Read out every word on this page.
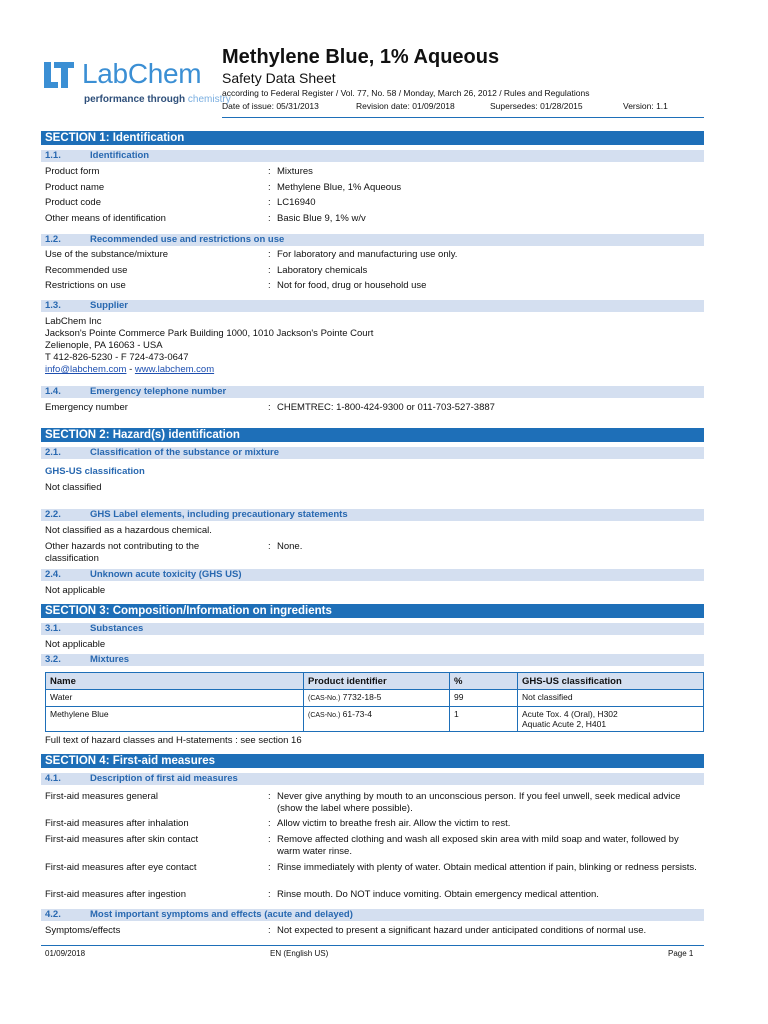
LabChem
performance through chemistry
Methylene Blue, 1% Aqueous
Safety Data Sheet
according to Federal Register / Vol. 77, No. 58 / Monday, March 26, 2012 / Rules and Regulations
Date of issue: 05/31/2013	Revision date: 01/09/2018	Supersedes: 01/28/2015	Version: 1.1
SECTION 1: Identification
1.1.	Identification
Product form	: Mixtures
Product name	: Methylene Blue, 1% Aqueous
Product code	: LC16940
Other means of identification	: Basic Blue 9, 1% w/v
1.2.	Recommended use and restrictions on use
Use of the substance/mixture	: For laboratory and manufacturing use only.
Recommended use	: Laboratory chemicals
Restrictions on use	: Not for food, drug or household use
1.3.	Supplier
LabChem Inc
Jackson's Pointe Commerce Park Building 1000, 1010 Jackson's Pointe Court
Zelienople, PA 16063 - USA
T 412-826-5230 - F 724-473-0647
info@labchem.com - www.labchem.com
1.4.	Emergency telephone number
Emergency number	: CHEMTREC: 1-800-424-9300 or 011-703-527-3887
SECTION 2: Hazard(s) identification
2.1.	Classification of the substance or mixture
GHS-US classification
Not classified
2.2.	GHS Label elements, including precautionary statements
Not classified as a hazardous chemical.
Other hazards not contributing to the classification
: None.
2.4.	Unknown acute toxicity (GHS US)
Not applicable
SECTION 3: Composition/Information on ingredients
3.1.	Substances
Not applicable
3.2.	Mixtures
Name	Product identifier	%	GHS-US classification
Water	(CAS-No.) 7732-18-5	99	Not classified
Methylene Blue	(CAS-No.) 61-73-4	1	Acute Tox. 4 (Oral), H302
Aquatic Acute 2, H401
Full text of hazard classes and H-statements : see section 16
SECTION 4: First-aid measures
4.1.	Description of first aid measures
First-aid measures general	: Never give anything by mouth to an unconscious person. If you feel unwell, seek medical advice (show the label where possible).
First-aid measures after inhalation	: Allow victim to breathe fresh air. Allow the victim to rest.
First-aid measures after skin contact	: Remove affected clothing and wash all exposed skin area with mild soap and water, followed by warm water rinse.
First-aid measures after eye contact	: Rinse immediately with plenty of water. Obtain medical attention if pain, blinking or redness persists.
First-aid measures after ingestion	: Rinse mouth. Do NOT induce vomiting. Obtain emergency medical attention.
4.2.	Most important symptoms and effects (acute and delayed)
Symptoms/effects	: Not expected to present a significant hazard under anticipated conditions of normal use.
01/09/2018	EN (English US)	Page 1
